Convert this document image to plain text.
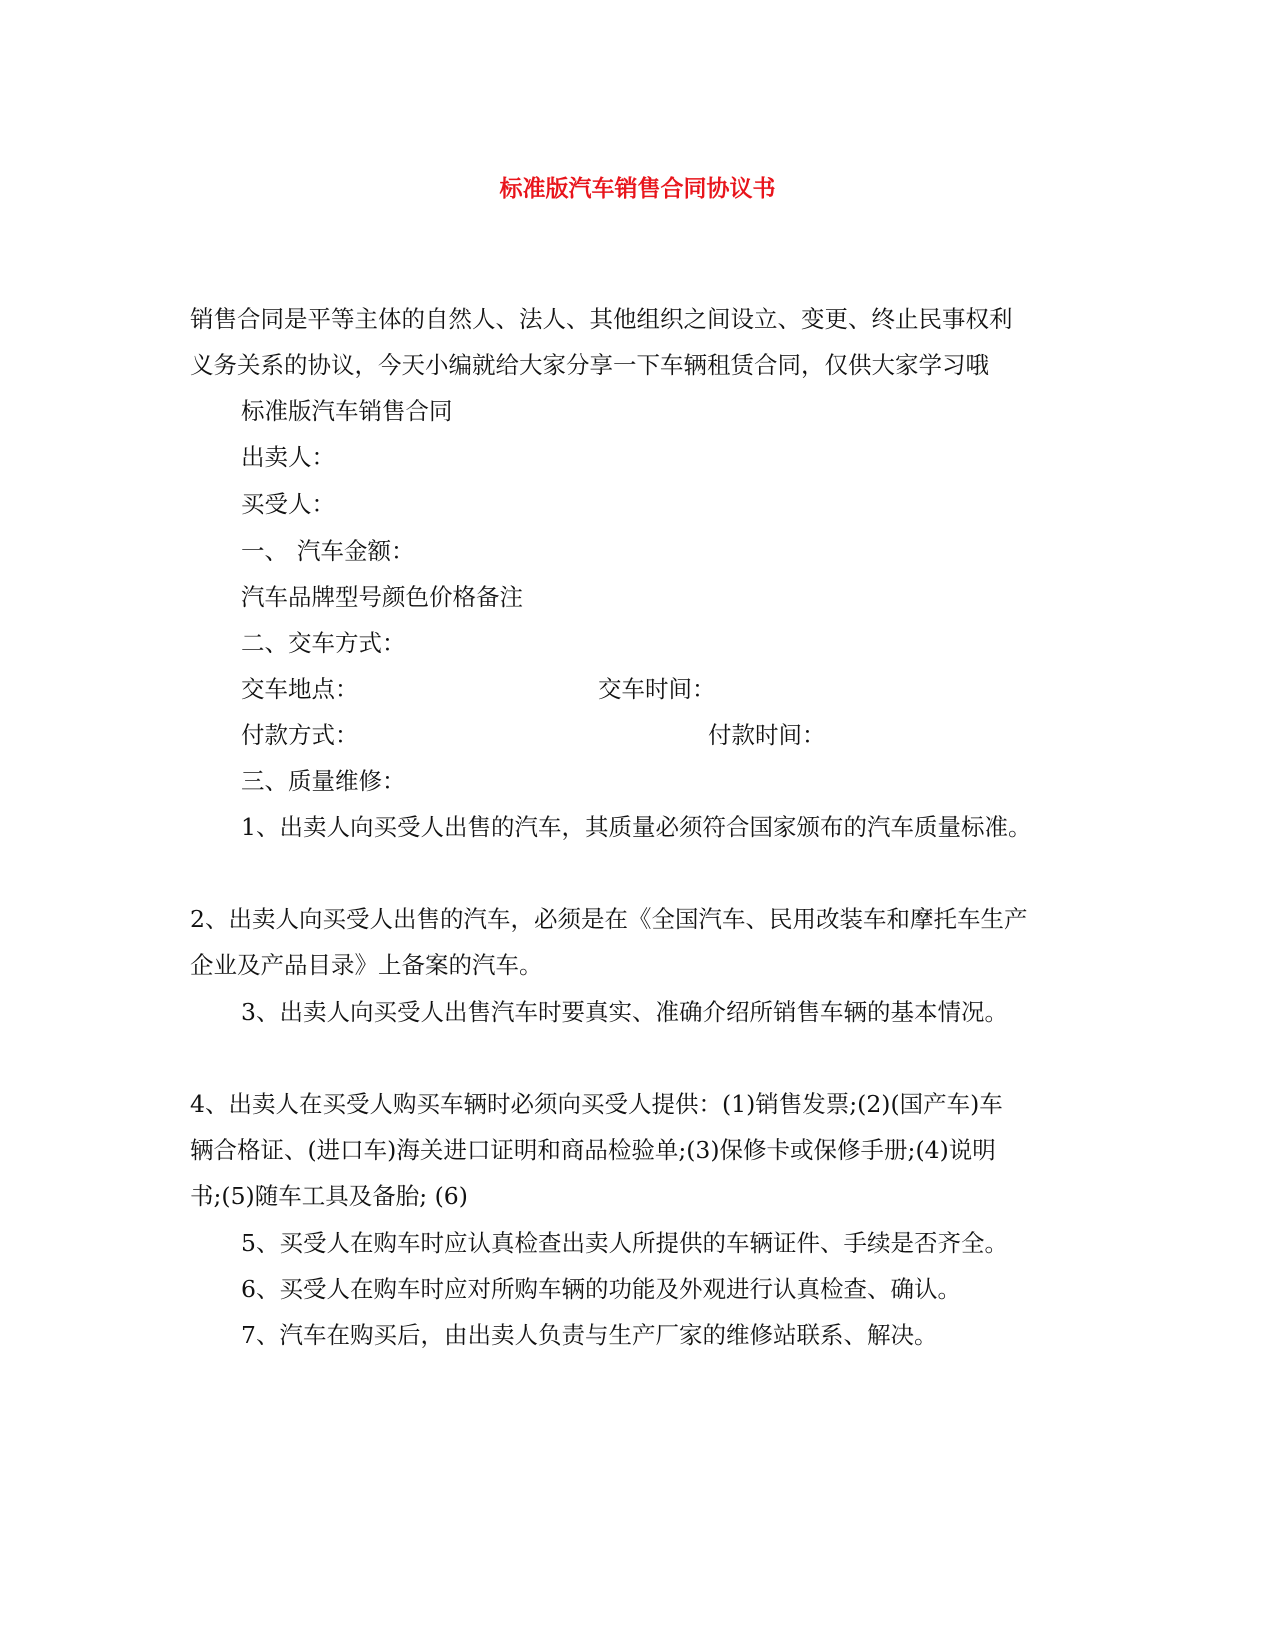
标准版汽车销售合同协议书
销售合同是平等主体的自然人、法人、其他组织之间设立、变更、终止民事权利
义务关系的协议，今天小编就给大家分享一下车辆租赁合同，仅供大家学习哦
标准版汽车销售合同
出卖人：
买受人：
一、 汽车金额：
汽车品牌型号颜色价格备注
二、交车方式：
交车地点：	交车时间：
付款方式：	付款时间：
三、质量维修：
1、出卖人向买受人出售的汽车，其质量必须符合国家颁布的汽车质量标准。
2、出卖人向买受人出售的汽车，必须是在《全国汽车、民用改装车和摩托车生产
企业及产品目录》上备案的汽车。
3、出卖人向买受人出售汽车时要真实、准确介绍所销售车辆的基本情况。
4、出卖人在买受人购买车辆时必须向买受人提供：(1)销售发票;(2)(国产车)车
辆合格证、(进口车)海关进口证明和商品检验单;(3)保修卡或保修手册;(4)说明
书;(5)随车工具及备胎; (6)
5、买受人在购车时应认真检查出卖人所提供的车辆证件、手续是否齐全。
6、买受人在购车时应对所购车辆的功能及外观进行认真检查、确认。
7、汽车在购买后，由出卖人负责与生产厂家的维修站联系、解决。
